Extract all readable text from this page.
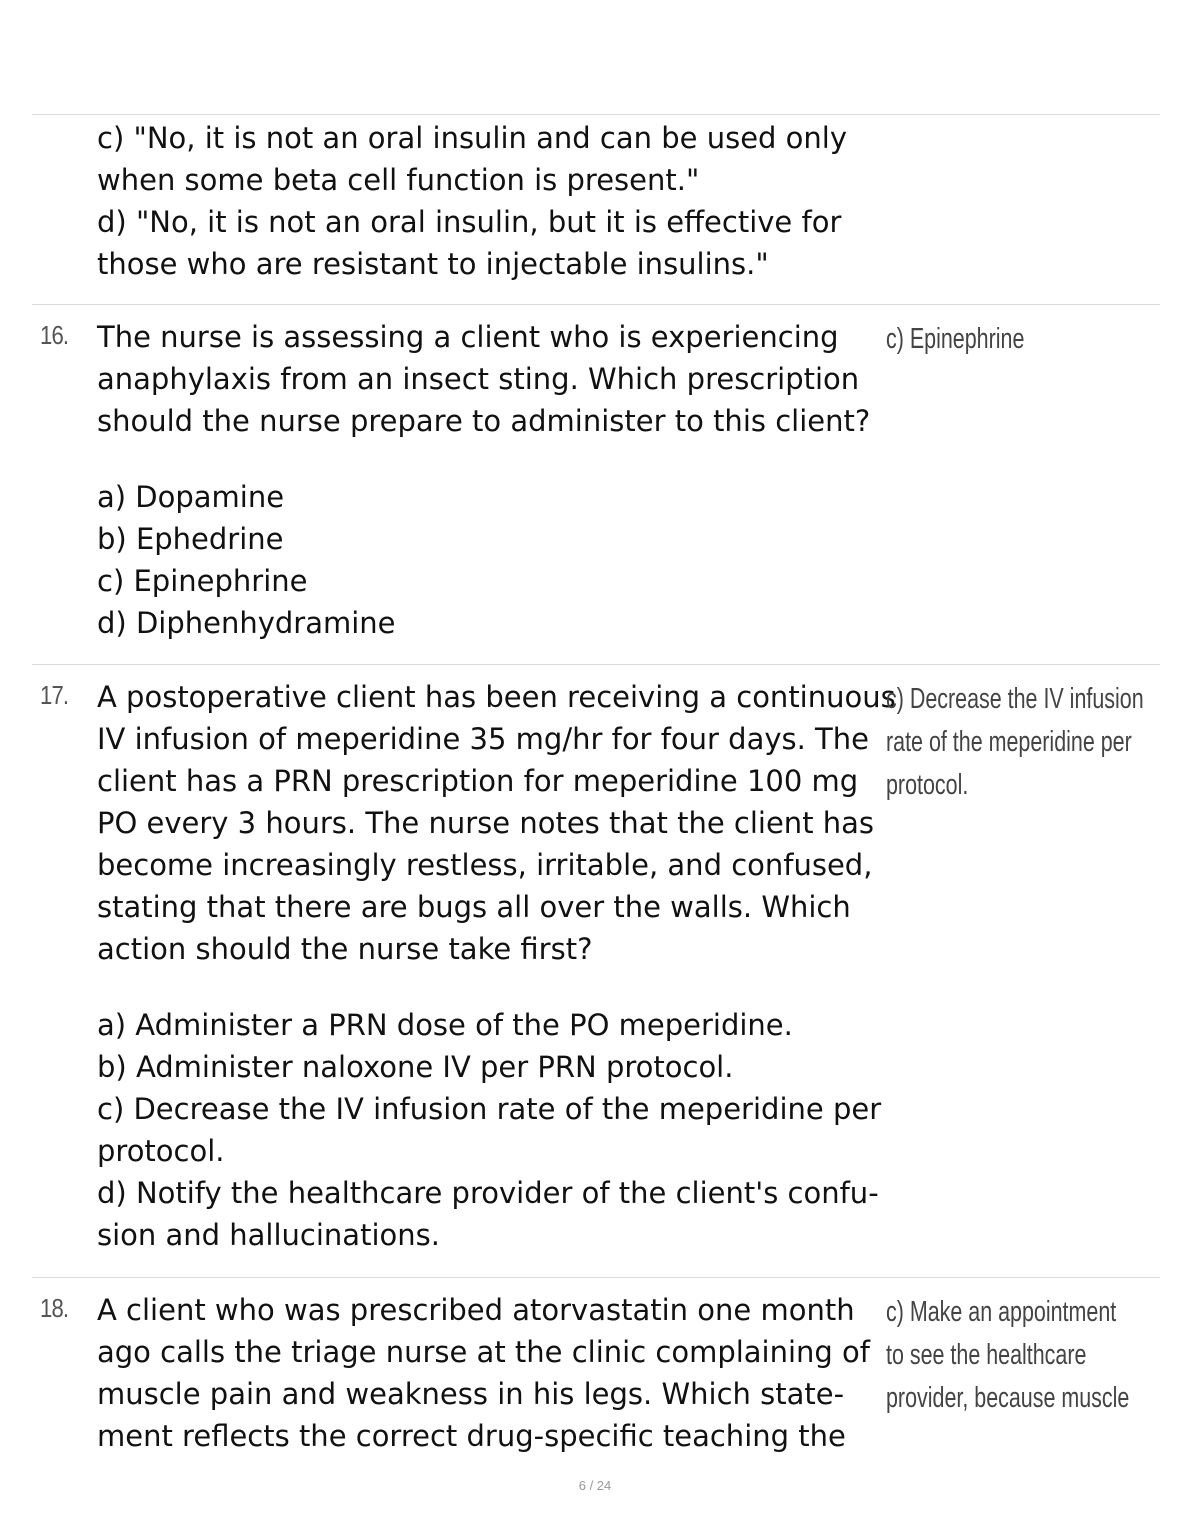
c) "No, it is not an oral insulin and can be used only
when some beta cell function is present."
d) "No, it is not an oral insulin, but it is effective for
those who are resistant to injectable insulins."
16. The nurse is assessing a client who is experiencing
anaphylaxis from an insect sting. Which prescription
should the nurse prepare to administer to this client?
a) Dopamine
b) Ephedrine
c) Epinephrine
d) Diphenhydramine
c) Epinephrine
17. A postoperative client has been receiving a continuous
IV infusion of meperidine 35 mg/hr for four days. The
client has a PRN prescription for meperidine 100 mg
PO every 3 hours. The nurse notes that the client has
become increasingly restless, irritable, and confused,
stating that there are bugs all over the walls. Which
action should the nurse take first?
a) Administer a PRN dose of the PO meperidine.
b) Administer naloxone IV per PRN protocol.
c) Decrease the IV infusion rate of the meperidine per
protocol.
d) Notify the healthcare provider of the client's confu-
sion and hallucinations.
c) Decrease the IV infusion
rate of the meperidine per
protocol.
18. A client who was prescribed atorvastatin one month
ago calls the triage nurse at the clinic complaining of
muscle pain and weakness in his legs. Which state-
ment reflects the correct drug-specific teaching the
c) Make an appointment
to see the healthcare
provider, because muscle
6 / 24
